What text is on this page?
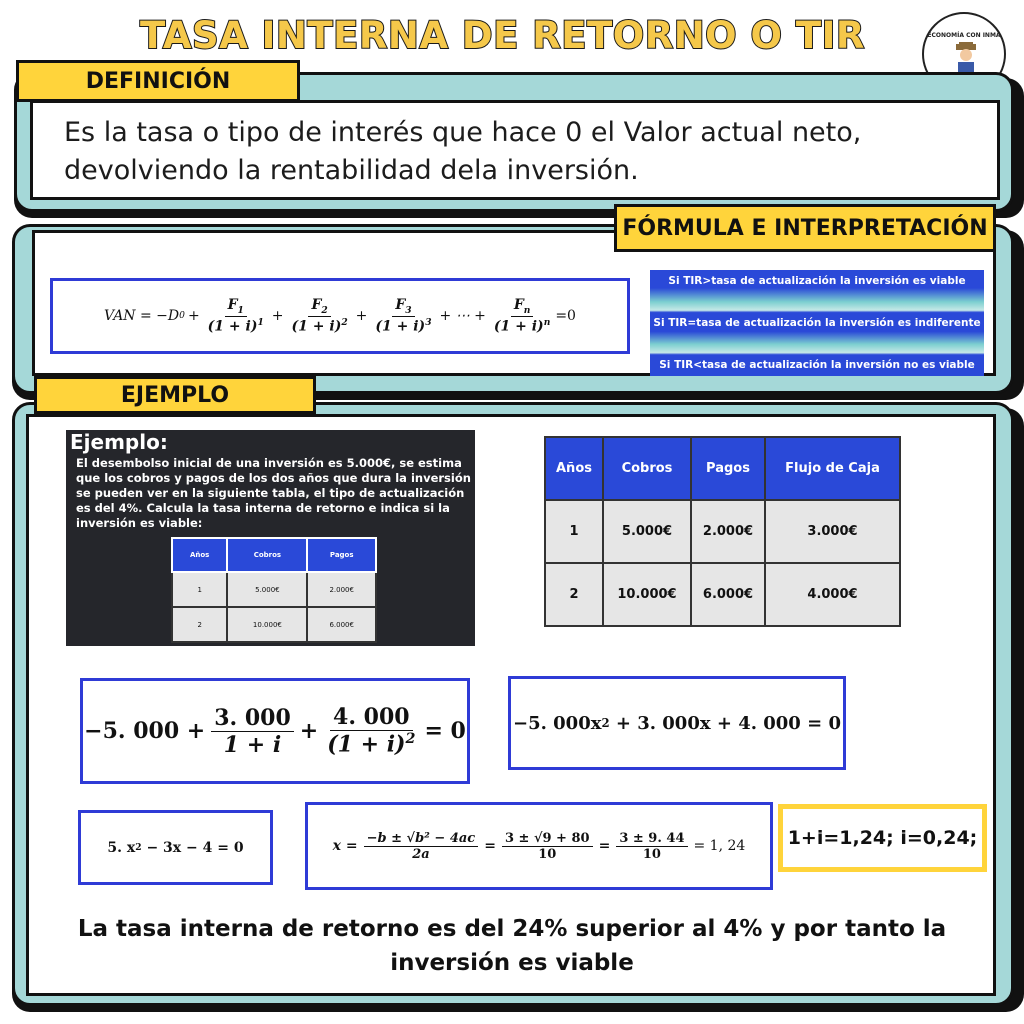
TASA INTERNA DE RETORNO O TIR	ECONOMÍA CON INMA
DEFINICIÓN
Es la tasa o tipo de interés que hace 0 el Valor actual neto, devolviendo la rentabilidad dela inversión.
FÓRMULA E INTERPRETACIÓN
VAN = −D $0 + \frac{F_1}{(1 + i)^1} + \frac{F_2}{(1 + i)^2} + \frac{F_3}{(1 + i)^3}$ + ⋯ + $\frac{F_n}{(1 + i)^n} =0$
Si TIR>tasa de actualización la inversión es viable
Si TIR=tasa de actualización la inversión es indiferente
Si TIR<tasa de actualización la inversión no es viable
EJEMPLO
Ejemplo:
El desembolso inicial de una inversión es 5.000€, se estima que los cobros y pagos de los dos años que dura la inversión se pueden ver en la siguiente tabla, el tipo de actualización es del 4%. Calcula la tasa interna de retorno e indica si la inversión es viable:
Años	Cobros	Pagos
1	5.000€	2.000€
2	10.000€	6.000€
Años	Cobros	Pagos	Flujo de Caja
1	5.000€	2.000€	3.000€
2	10.000€	6.000€	4.000€
−5. $000 + \frac{3. 000}{1 + i} + \frac{4. 000}{(1 + i)^2} = 0$	−5. 000x 2 + 3. 000x + 4. 000 = 0
5. x 2 − 3x − 4 = 0	$x = \frac{\text{−b ± √b² − 4ac}}{2a} = \frac{3 \pm √9 + 80}{10} = \frac{3 \pm 9. 44}{10} = 1$, 24	1+i=1,24; i=0,24;
La tasa interna de retorno es del 24% superior al 4% y por tanto la inversión es viable
